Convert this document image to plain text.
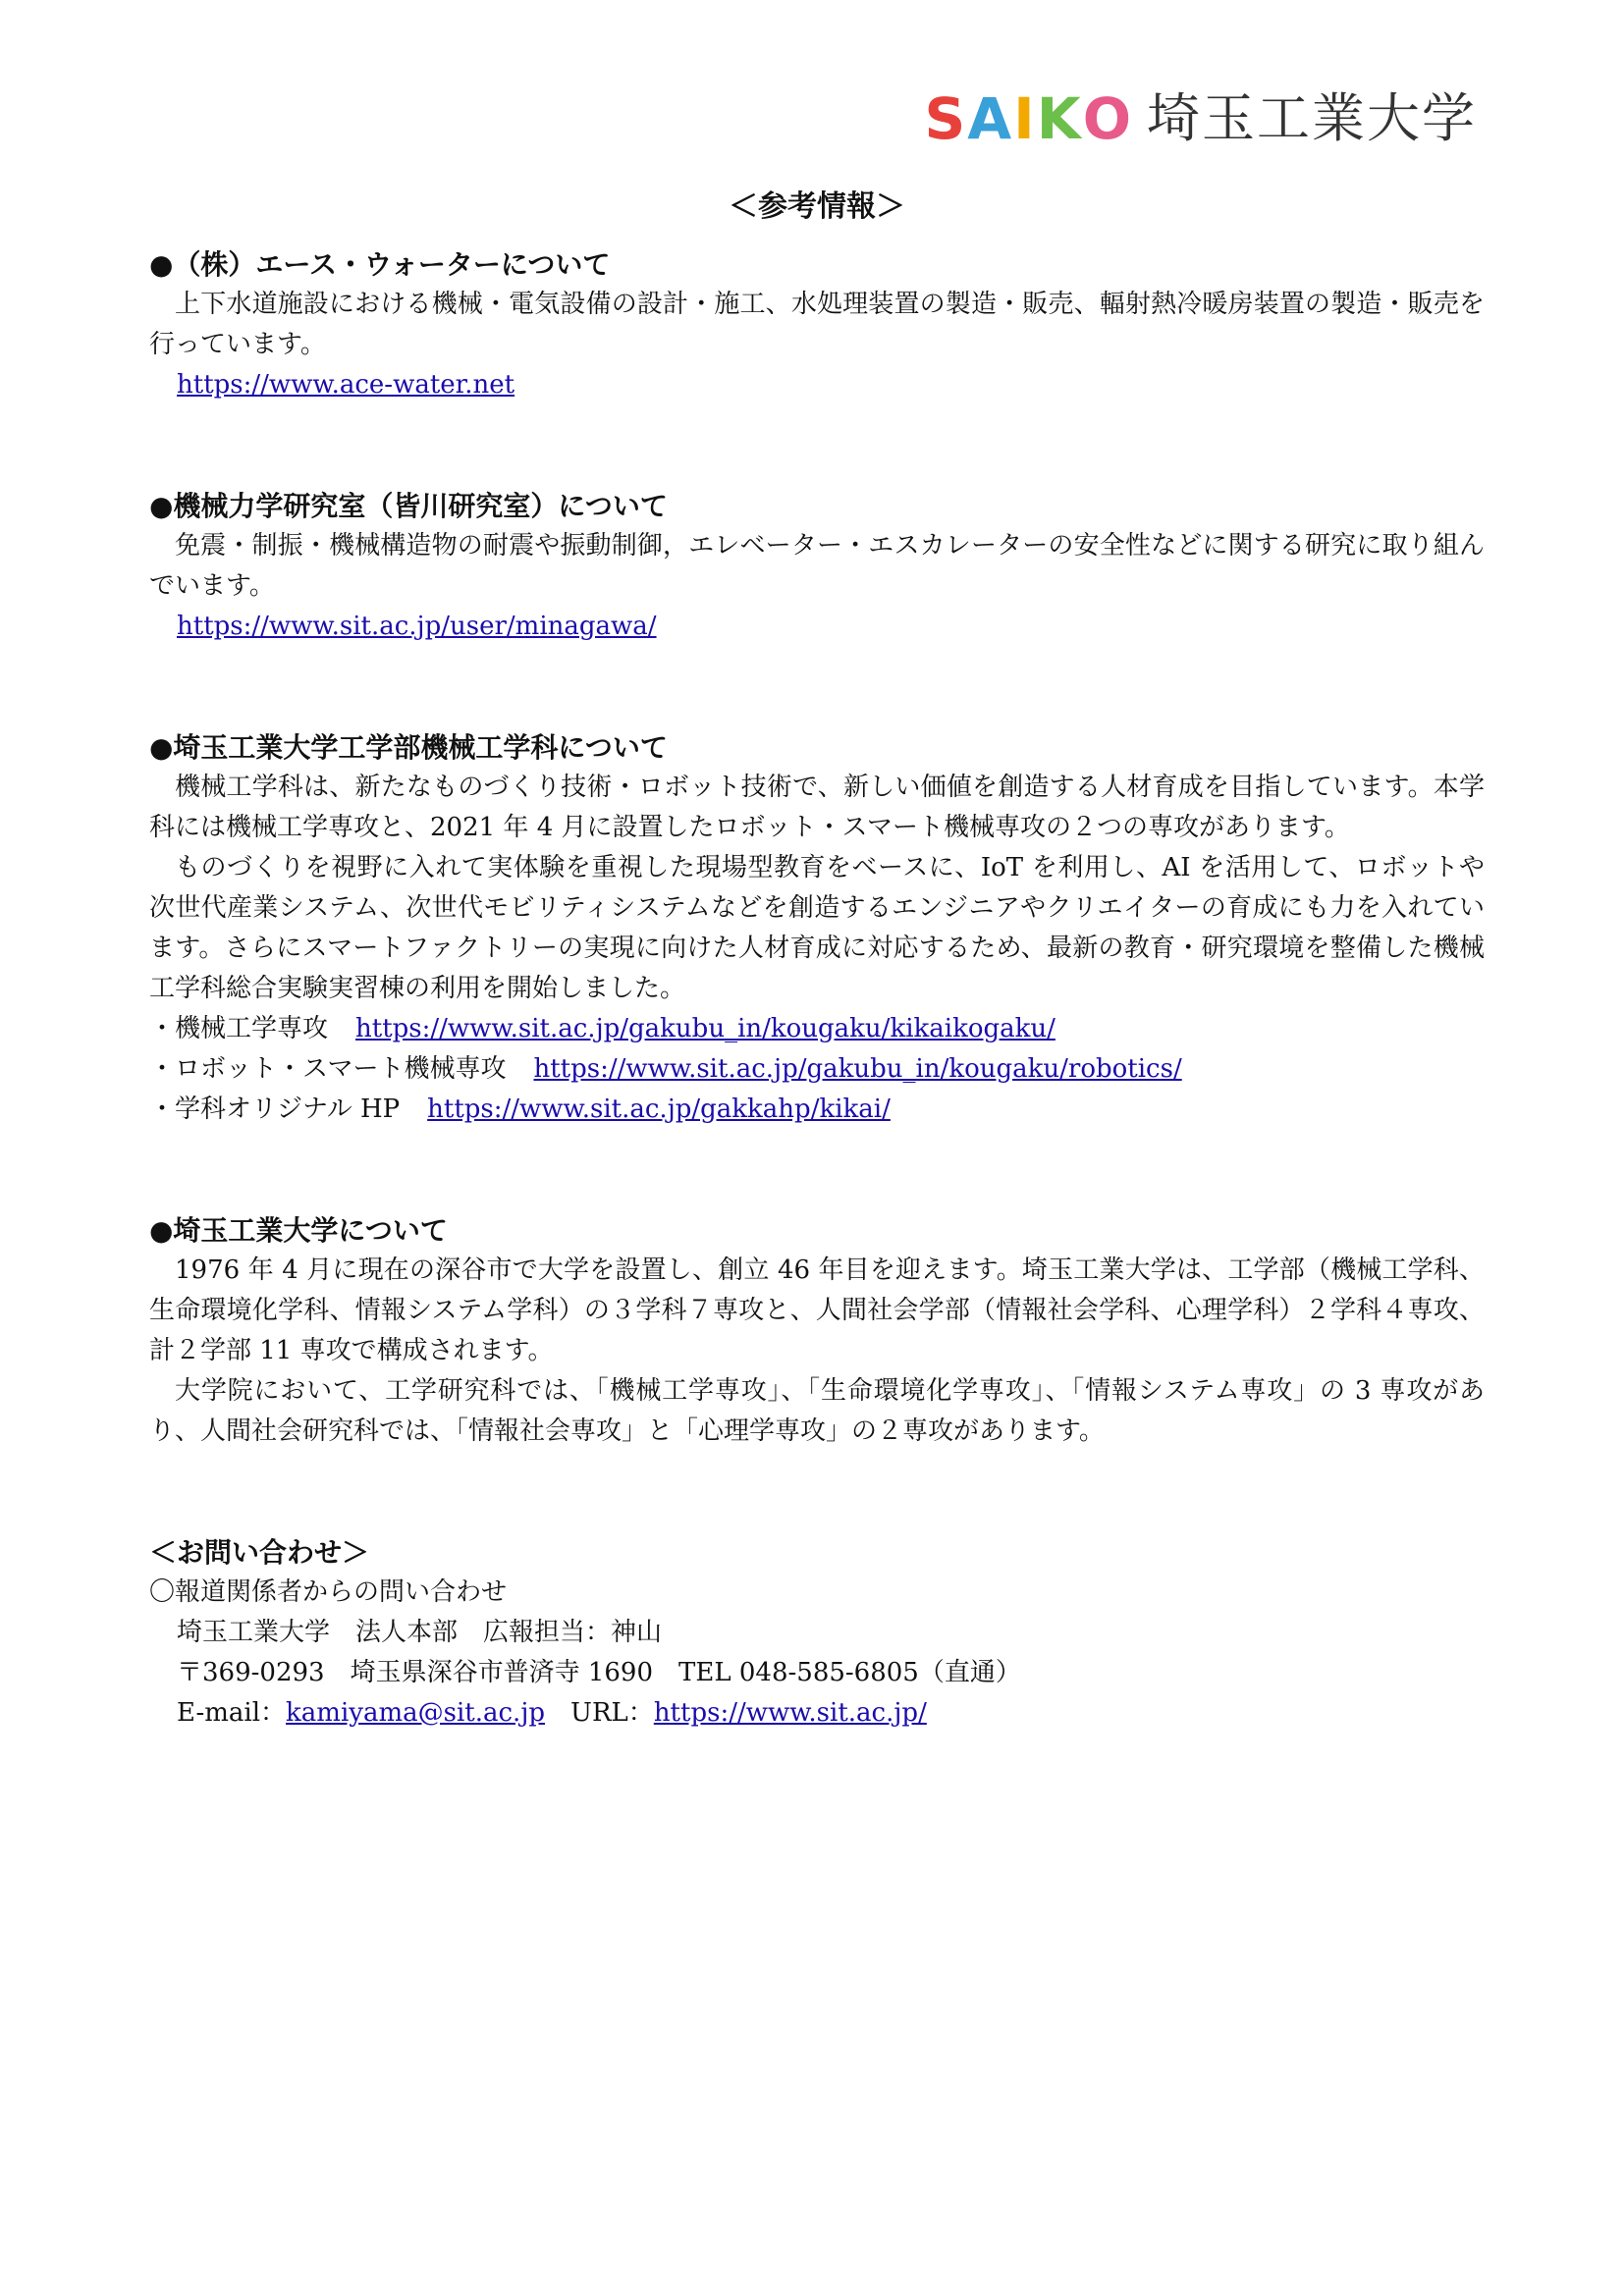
S A I K O 埼玉工業大学
＜参考情報＞

●（株）エース・ウォーターについて

上下水道施設における機械・電気設備の設計・施工、水処理装置の製造・販売、輻射熱冷暖房装置の製造・販売を行っています。

https://www.ace-water.net

●機械力学研究室（皆川研究室）について

免震・制振・機械構造物の耐震や振動制御，エレベーター・エスカレーターの安全性などに関する研究に取り組んでいます。

https://www.sit.ac.jp/user/minagawa/

●埼玉工業大学工学部機械工学科について

機械工学科は、新たなものづくり技術・ロボット技術で、新しい価値を創造する人材育成を目指しています。本学科には機械工学専攻と、2021 年 4 月に設置したロボット・スマート機械専攻の２つの専攻があります。

ものづくりを視野に入れて実体験を重視した現場型教育をベースに、IoT を利用し、AI を活用して、ロボットや次世代産業システム、次世代モビリティシステムなどを創造するエンジニアやクリエイターの育成にも力を入れています。さらにスマートファクトリーの実現に向けた人材育成に対応するため、最新の教育・研究環境を整備した機械工学科総合実験実習棟の利用を開始しました。

・機械工学専攻 https://www.sit.ac.jp/gakubu_in/kougaku/kikaikogaku/

・ロボット・スマート機械専攻 https://www.sit.ac.jp/gakubu_in/kougaku/robotics/

・学科オリジナル HP https://www.sit.ac.jp/gakkahp/kikai/

●埼玉工業大学について

1976 年 4 月に現在の深谷市で大学を設置し、創立 46 年目を迎えます。埼玉工業大学は、工学部（機械工学科、生命環境化学科、情報システム学科）の３学科７専攻と、人間社会学部（情報社会学科、心理学科）２学科４専攻、計２学部 11 専攻で構成されます。

大学院において、工学研究科では、「機械工学専攻」、「生命環境化学専攻」、「情報システム専攻」の 3 専攻があり、人間社会研究科では、「情報社会専攻」と「心理学専攻」の２専攻があります。

＜お問い合わせ＞

〇報道関係者からの問い合わせ

埼玉工業大学　法人本部　広報担当：神山

〒369-0293　埼玉県深谷市普済寺 1690　TEL 048-585-6805（直通）

E-mail：kamiyama@sit.ac.jp　 URL：https://www.sit.ac.jp/
